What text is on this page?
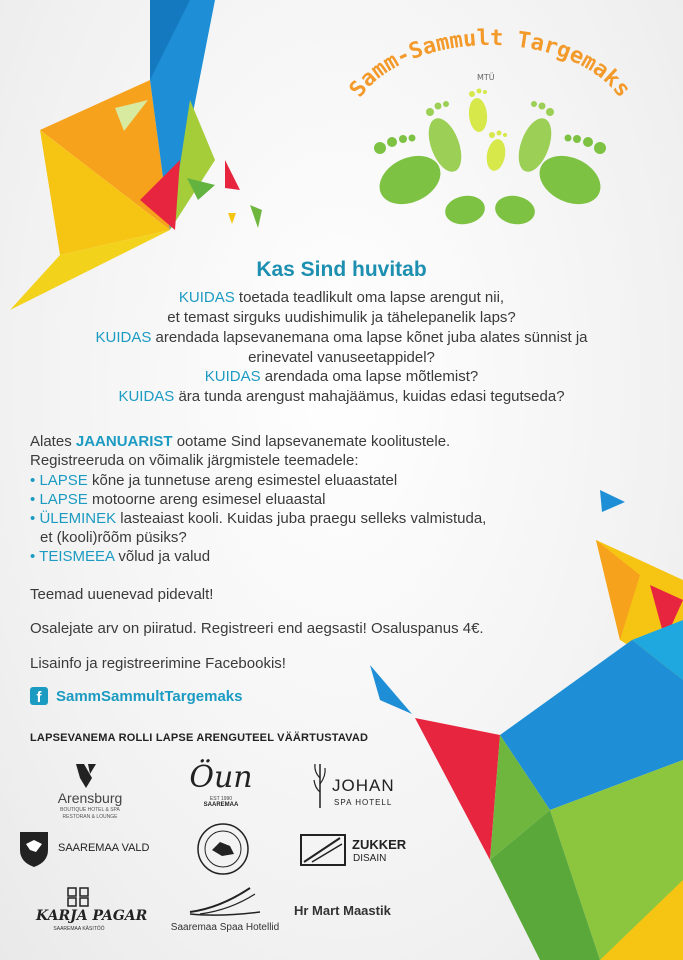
Samm-Sammult Targemaks
MTÜ
Kas Sind huvitab
KUIDAS toetada teadlikult oma lapse arengut nii,
et temast sirguks uudishimulik ja tähelepanelik laps?
KUIDAS arendada lapsevanemana oma lapse kõnet juba alates sünnist ja
erinevatel vanuseetappidel?
KUIDAS arendada oma lapse mõtlemist?
KUIDAS ära tunda arengust mahajäämus, kuidas edasi tegutseda?
Alates JAANUARIST ootame Sind lapsevanemate koolitustele.
Registreeruda on võimalik järgmistele teemadele:
• LAPSE kõne ja tunnetuse areng esimestel eluaastatel
• LAPSE motoorne areng esimesel eluaastal
• ÜLEMINEK lasteaiast kooli. Kuidas juba praegu selleks valmistuda,
et (kooli)rõõm püsiks?
• TEISMEEA võlud ja valud
Teemad uuenevad pidevalt!
Osalejate arv on piiratud. Registreeri end aegsasti! Osaluspanus 4€.
Lisainfo ja registreerimine Facebookis!
f SammSammultTargemaks
LAPSEVANEMA ROLLI LAPSE ARENGUTEEL VÄÄRTUSTAVAD
Arensburg
BOUTIQUE HOTEL & SPA
RESTORAN & LOUNGE
Öun
EST 1990
SAAREMAA
JOHAN
SPA HOTELL
SAAREMAA VALD	ZUKKER
DISAIN
KARJA PAGAR
SAAREMAA KÄSITÖÖ	Saaremaa Spaa Hotellid
Hr Mart Maastik
